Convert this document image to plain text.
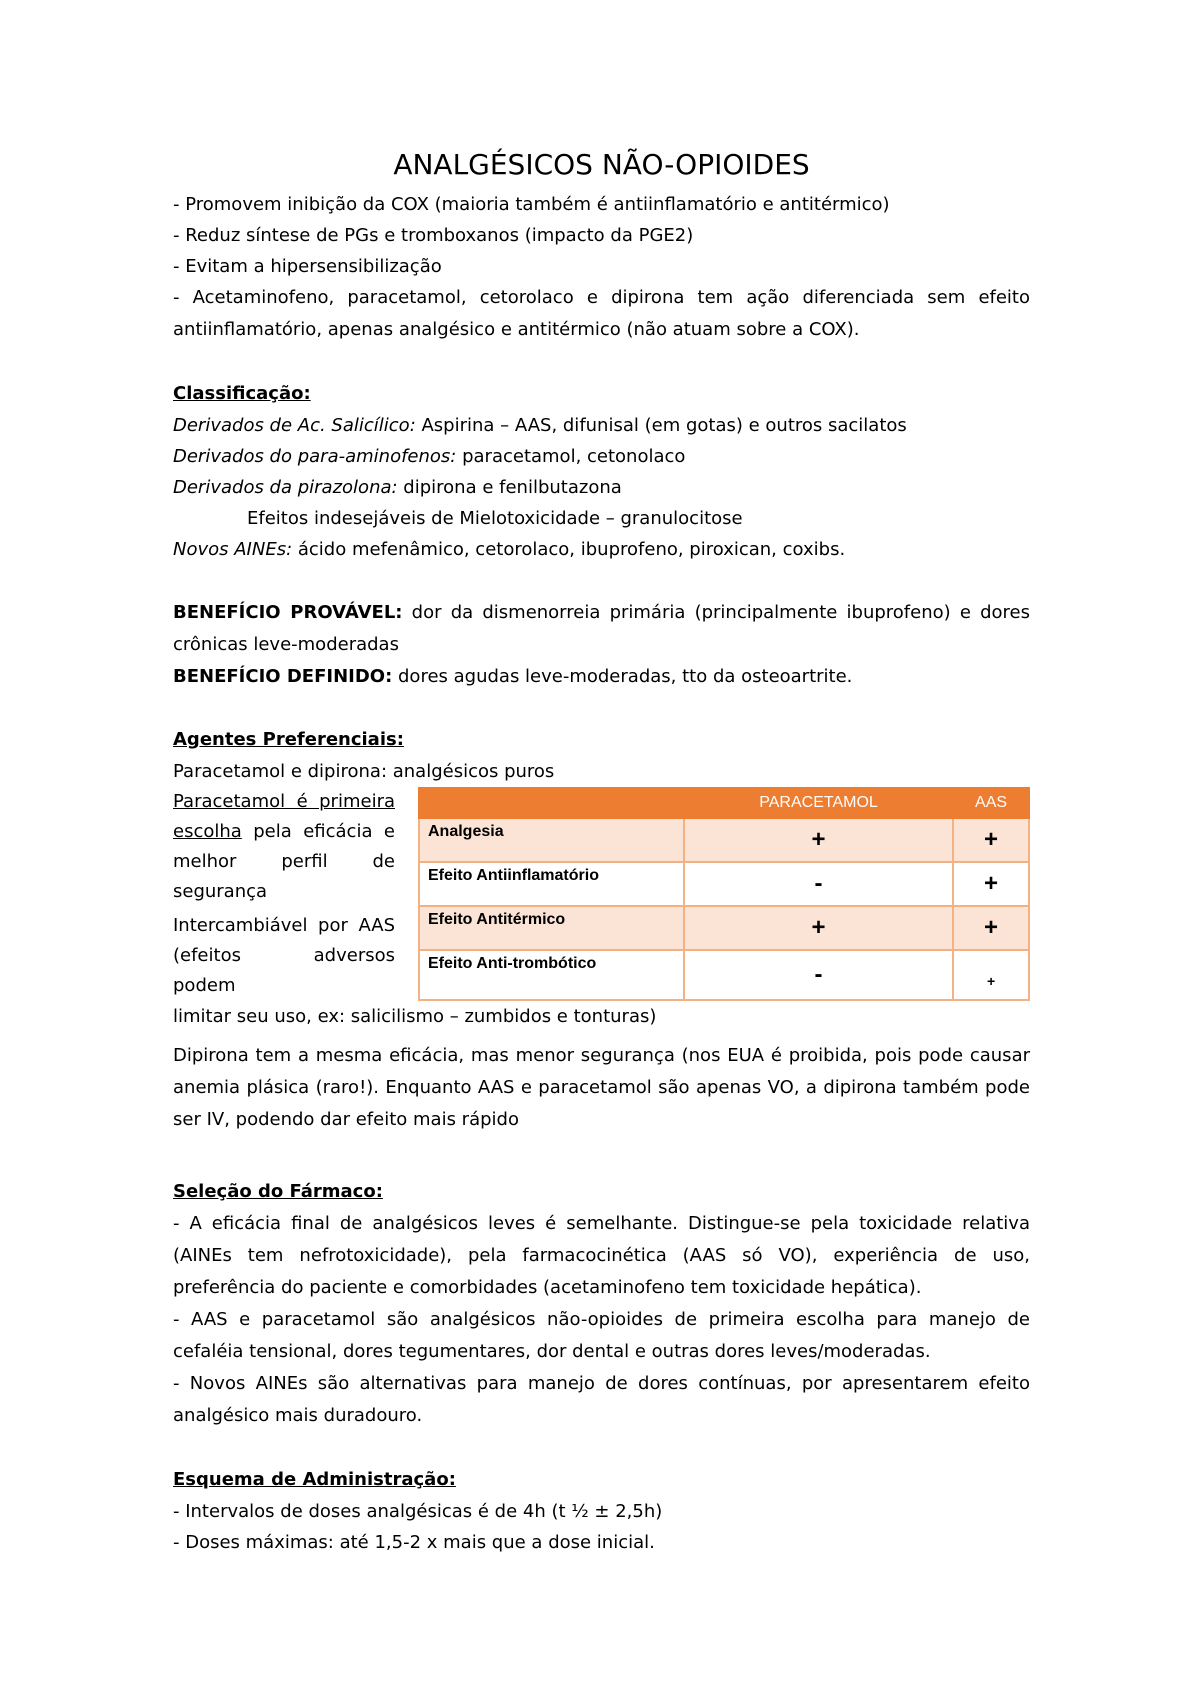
ANALGÉSICOS NÃO-OPIOIDES

- Promovem inibição da COX (maioria também é antiinflamatório e antitérmico)

- Reduz síntese de PGs e tromboxanos (impacto da PGE2)

- Evitam a hipersensibilização

- Acetaminofeno, paracetamol, cetorolaco e dipirona tem ação diferenciada sem efeito antiinflamatório, apenas analgésico e antitérmico (não atuam sobre a COX).

Classificação:

Derivados de Ac. Salicílico: Aspirina – AAS, difunisal (em gotas) e outros sacilatos

Derivados do para-aminofenos: paracetamol, cetonolaco

Derivados da pirazolona: dipirona e fenilbutazona

Efeitos indesejáveis de Mielotoxicidade – granulocitose

Novos AINEs: ácido mefenâmico, cetorolaco, ibuprofeno, piroxican, coxibs.

BENEFÍCIO PROVÁVEL: dor da dismenorreia primária (principalmente ibuprofeno) e dores crônicas leve-moderadas

BENEFÍCIO DEFINIDO: dores agudas leve-moderadas, tto da osteoartrite.

Agentes Preferenciais:

Paracetamol e dipirona: analgésicos puros

Paracetamol é primeira escolha pela eficácia e melhor perfil de segurança

Intercambiável por AAS (efeitos adversos podem

	PARACETAMOL	AAS
Analgesia	+	+
Efeito Antiinflamatório	-	+
Efeito Antitérmico	+	+
Efeito Anti-trombótico	-	+

limitar seu uso, ex: salicilismo – zumbidos e tonturas)

Dipirona tem a mesma eficácia, mas menor segurança (nos EUA é proibida, pois pode causar anemia plásica (raro!). Enquanto AAS e paracetamol são apenas VO, a dipirona também pode ser IV, podendo dar efeito mais rápido

Seleção do Fármaco:

- A eficácia final de analgésicos leves é semelhante. Distingue-se pela toxicidade relativa (AINEs tem nefrotoxicidade), pela farmacocinética (AAS só VO), experiência de uso, preferência do paciente e comorbidades (acetaminofeno tem toxicidade hepática).

- AAS e paracetamol são analgésicos não-opioides de primeira escolha para manejo de cefaléia tensional, dores tegumentares, dor dental e outras dores leves/moderadas.

- Novos AINEs são alternativas para manejo de dores contínuas, por apresentarem efeito analgésico mais duradouro.

Esquema de Administração:

- Intervalos de doses analgésicas é de 4h (t ½ ± 2,5h)

- Doses máximas: até 1,5-2 x mais que a dose inicial.
